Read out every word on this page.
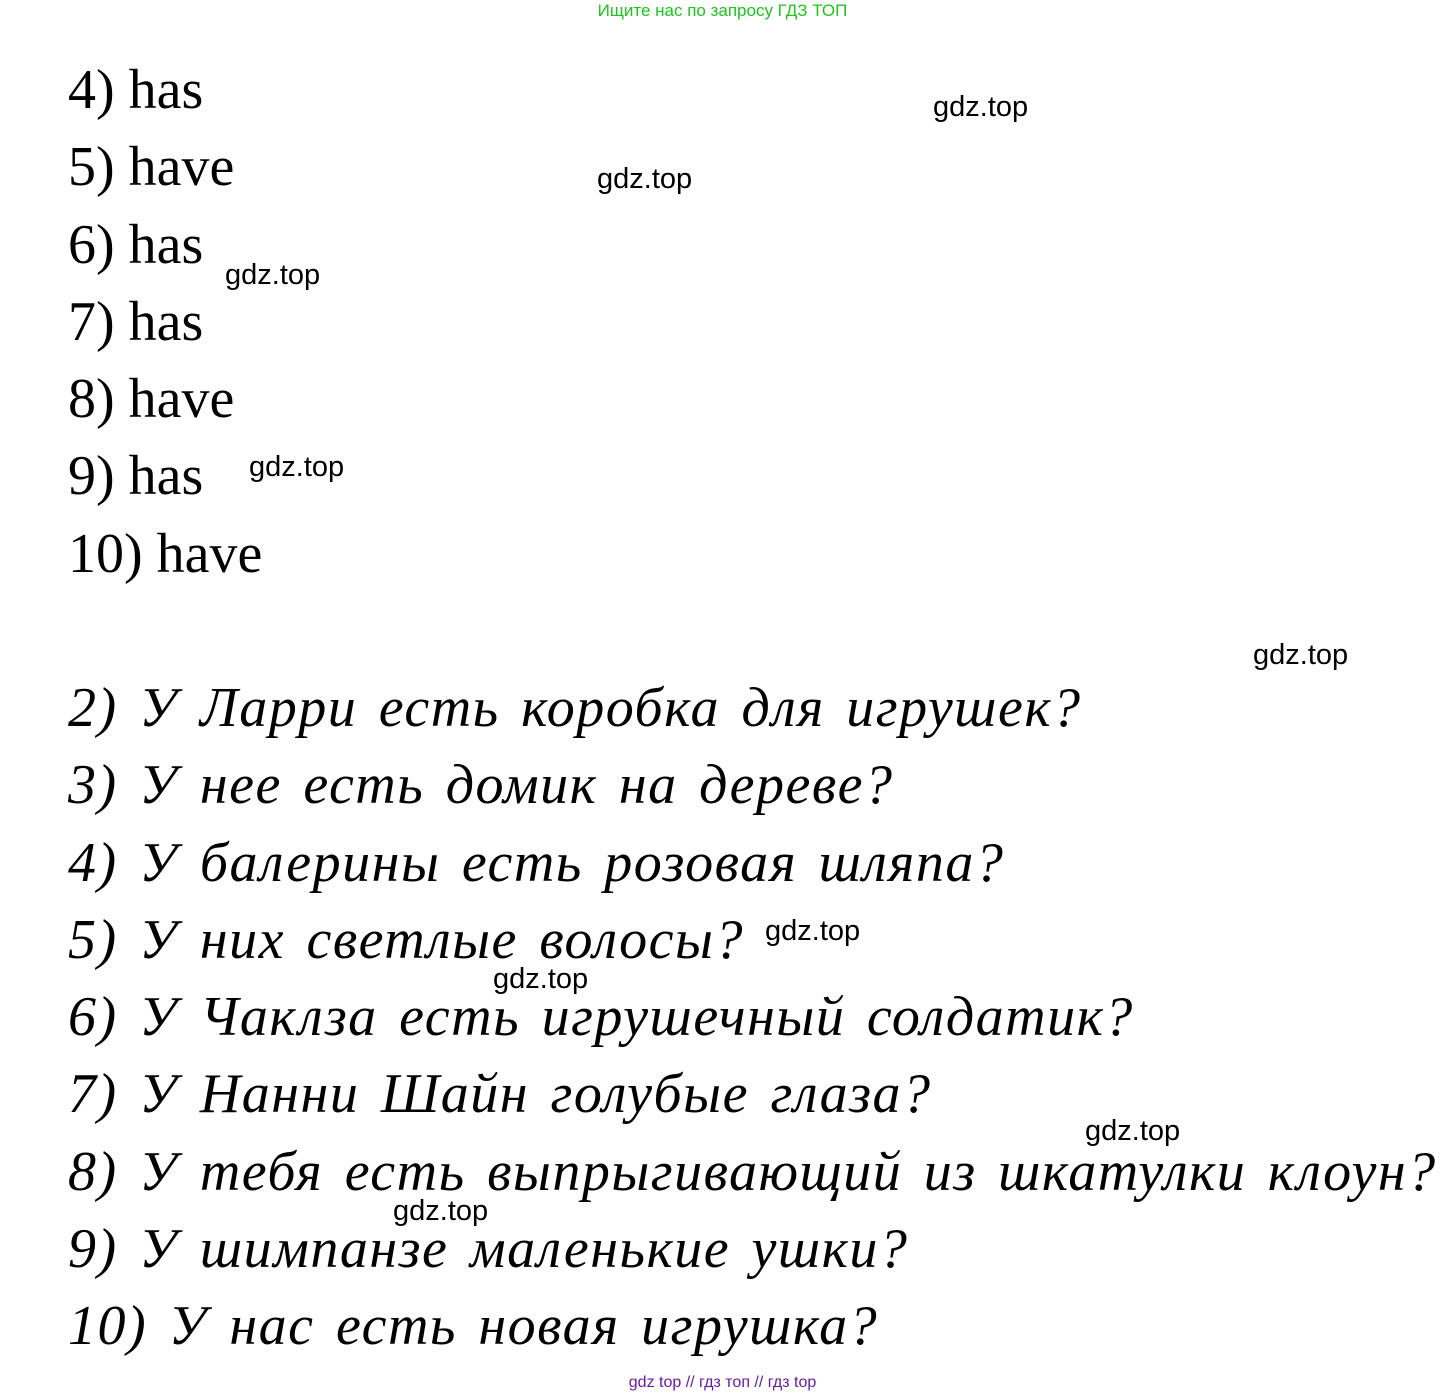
Ищите нас по запросу ГДЗ ТОП
4) has
5) have
6) has
7) has
8) have
9) has
10) have
2) У Ларри есть коробка для игрушек?
3) У нее есть домик на дереве?
4) У балерины есть розовая шляпа?
5) У них светлые волосы?
6) У Чаклза есть игрушечный солдатик?
7) У Нанни Шайн голубые глаза?
8) У тебя есть выпрыгивающий из шкатулки клоун?
9) У шимпанзе маленькие ушки?
10) У нас есть новая игрушка?
gdz.top
gdz.top
gdz.top
gdz.top
gdz.top
gdz.top
gdz.top
gdz.top
gdz.top
gdz top // гдз топ // гдз top
